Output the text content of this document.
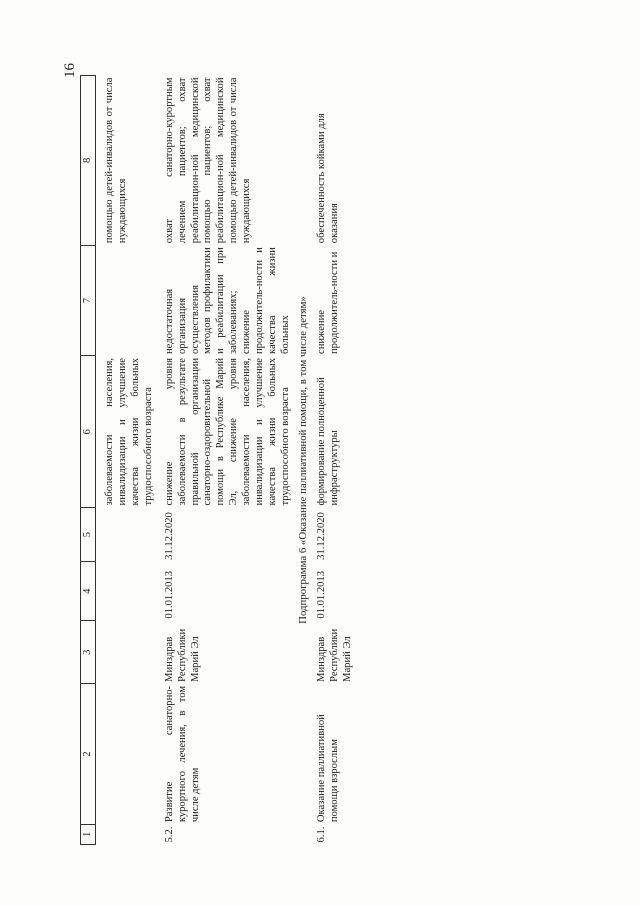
16
1	2	3	4	5	6	7	8

					заболеваемости населения, инвалидизации и улучшение качества жизни больных трудоспособного возраста		помощью детей-инвалидов от числа нуждающихся

5.2.	Развитие санаторно-курортного лечения, в том числе детям	Минздрав Республики Марий Эл	01.01.2013	31.12.2020	снижение уровня заболеваемости в результате правильной организации санаторно-оздоровительной помощи в Республике Марий Эл, снижение уровня заболеваемости населения, инвалидизации и улучшение качества жизни больных трудоспособного возраста	недостаточная организация осуществления методов профилактики и реабилитации при заболеваниях; снижение продолжитель-ности и качества жизни больных	охват санаторно-курортным лечением пациентов; охват реабилитацион-ной медицинской помощью пациентов; охват реабилитацион-ной медицинской помощью детей-инвалидов от числа нуждающихся
Подпрограмма 6 «Оказание паллиативной помощи, в том числе детям»							
6.1.	Оказание паллиативной помощи взрослым	Минздрав Республики Марий Эл	01.01.2013	31.12.2020	формирование полноценной инфраструктуры	снижение продолжитель-ности и	обеспеченность койками для оказания
